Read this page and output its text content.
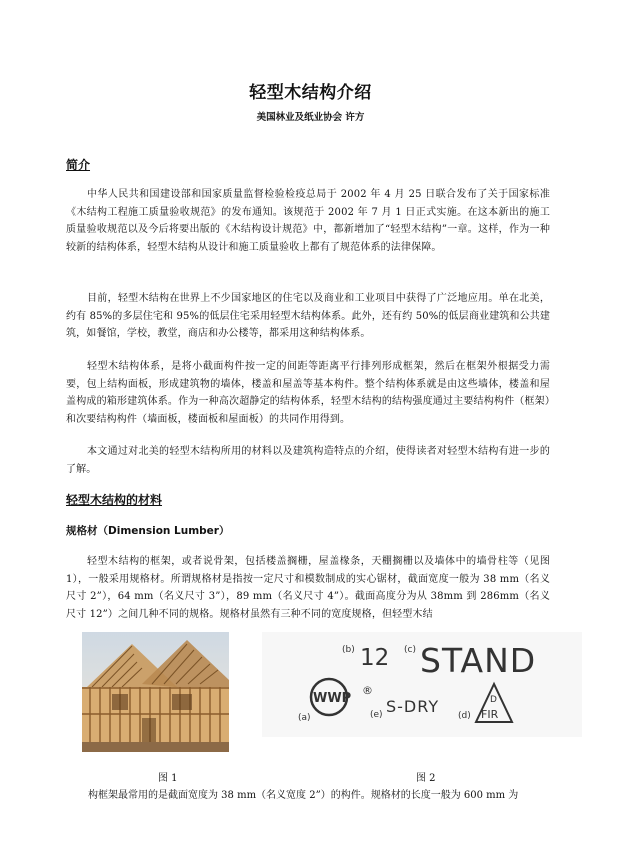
轻型木结构介绍
美国林业及纸业协会 许方
简介

中华人民共和国建设部和国家质量监督检验检疫总局于 2002 年 4 月 25 日联合发布了关于国家标准《木结构工程施工质量验收规范》的发布通知。该规范于 2002 年 7 月 1 日正式实施。在这本新出的施工质量验收规范以及今后将要出版的《木结构设计规范》中，都新增加了“轻型木结构”一章。这样，作为一种较新的结构体系，轻型木结构从设计和施工质量验收上都有了规范体系的法律保障。

目前，轻型木结构在世界上不少国家地区的住宅以及商业和工业项目中获得了广泛地应用。单在北美，约有 85%的多层住宅和 95%的低层住宅采用轻型木结构体系。此外，还有约 50%的低层商业建筑和公共建筑，如餐馆，学校，教堂，商店和办公楼等，都采用这种结构体系。

轻型木结构体系，是将小截面构件按一定的间距等距离平行排列形成框架，然后在框架外根据受力需要，包上结构面板，形成建筑物的墙体，楼盖和屋盖等基本构件。整个结构体系就是由这些墙体，楼盖和屋盖构成的箱形建筑体系。作为一种高次超静定的结构体系，轻型木结构的结构强度通过主要结构构件（框架）和次要结构构件（墙面板，楼面板和屋面板）的共同作用得到。

本文通过对北美的轻型木结构所用的材料以及建筑构造特点的介绍，使得读者对轻型木结构有进一步的了解。

轻型木结构的材料
规格材（Dimension Lumber）

轻型木结构的框架，或者说骨架，包括楼盖搁栅，屋盖椽条，天棚搁栅以及墙体中的墙骨柱等（见图 1），一般采用规格材。所谓规格材是指按一定尺寸和模数制成的实心锯材，截面宽度一般为 38 mm（名义尺寸 2”），64 mm（名义尺寸 3”），89 mm（名义尺寸 4”）。截面高度分为从 38mm 到 286mm（名义尺寸 12”）之间几种不同的规格。规格材虽然有三种不同的宽度规格，但轻型木结

(b) 12 (c) STAND
WWP
(a)
®
(e) S-DRY (d)
D
FIR
图 1	图 2

构框架最常用的是截面宽度为 38 mm（名义宽度 2”）的构件。规格材的长度一般为 600 mm 为
